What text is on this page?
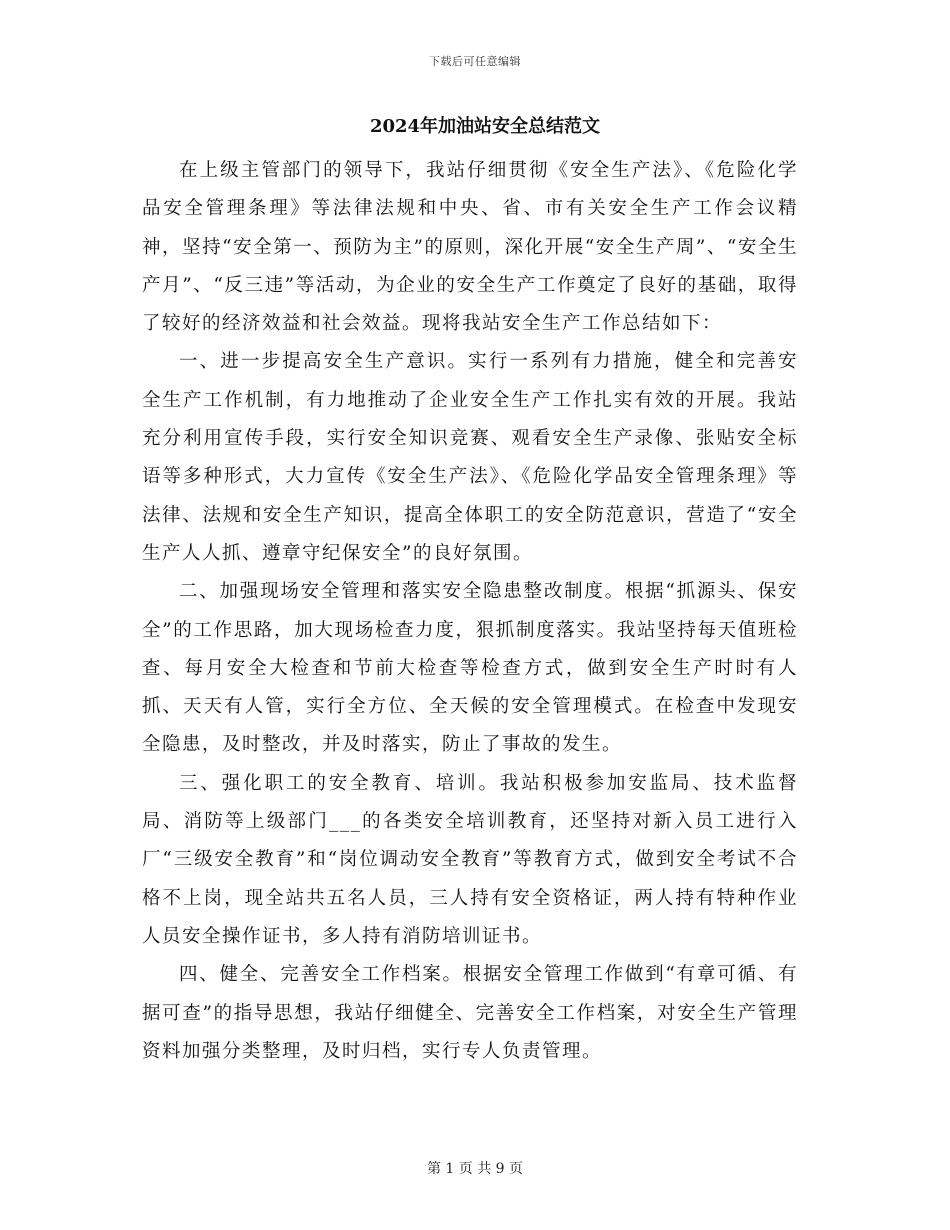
下载后可任意编辑
2024年加油站安全总结范文

在上级主管部门的领导下，我站仔细贯彻《安全生产法》、《危险化学品安全管理条理》等法律法规和中央、省、市有关安全生产工作会议精神，坚持“安全第一、预防为主”的原则，深化开展“安全生产周”、“安全生产月”、“反三违”等活动，为企业的安全生产工作奠定了良好的基础，取得了较好的经济效益和社会效益。现将我站安全生产工作总结如下：

一、进一步提高安全生产意识。实行一系列有力措施，健全和完善安全生产工作机制，有力地推动了企业安全生产工作扎实有效的开展。我站充分利用宣传手段，实行安全知识竞赛、观看安全生产录像、张贴安全标语等多种形式，大力宣传《安全生产法》、《危险化学品安全管理条理》等法律、法规和安全生产知识，提高全体职工的安全防范意识，营造了“安全生产人人抓、遵章守纪保安全”的良好氛围。

二、加强现场安全管理和落实安全隐患整改制度。根据“抓源头、保安全”的工作思路，加大现场检查力度，狠抓制度落实。我站坚持每天值班检查、每月安全大检查和节前大检查等检查方式，做到安全生产时时有人抓、天天有人管，实行全方位、全天候的安全管理模式。在检查中发现安全隐患，及时整改，并及时落实，防止了事故的发生。

三、强化职工的安全教育、培训。我站积极参加安监局、技术监督局、消防等上级部门___的各类安全培训教育，还坚持对新入员工进行入厂“三级安全教育”和“岗位调动安全教育”等教育方式，做到安全考试不合格不上岗，现全站共五名人员，三人持有安全资格证，两人持有特种作业人员安全操作证书，多人持有消防培训证书。

四、健全、完善安全工作档案。根据安全管理工作做到“有章可循、有据可查”的指导思想，我站仔细健全、完善安全工作档案，对安全生产管理资料加强分类整理，及时归档，实行专人负责管理。

第 1 页 共 9 页
